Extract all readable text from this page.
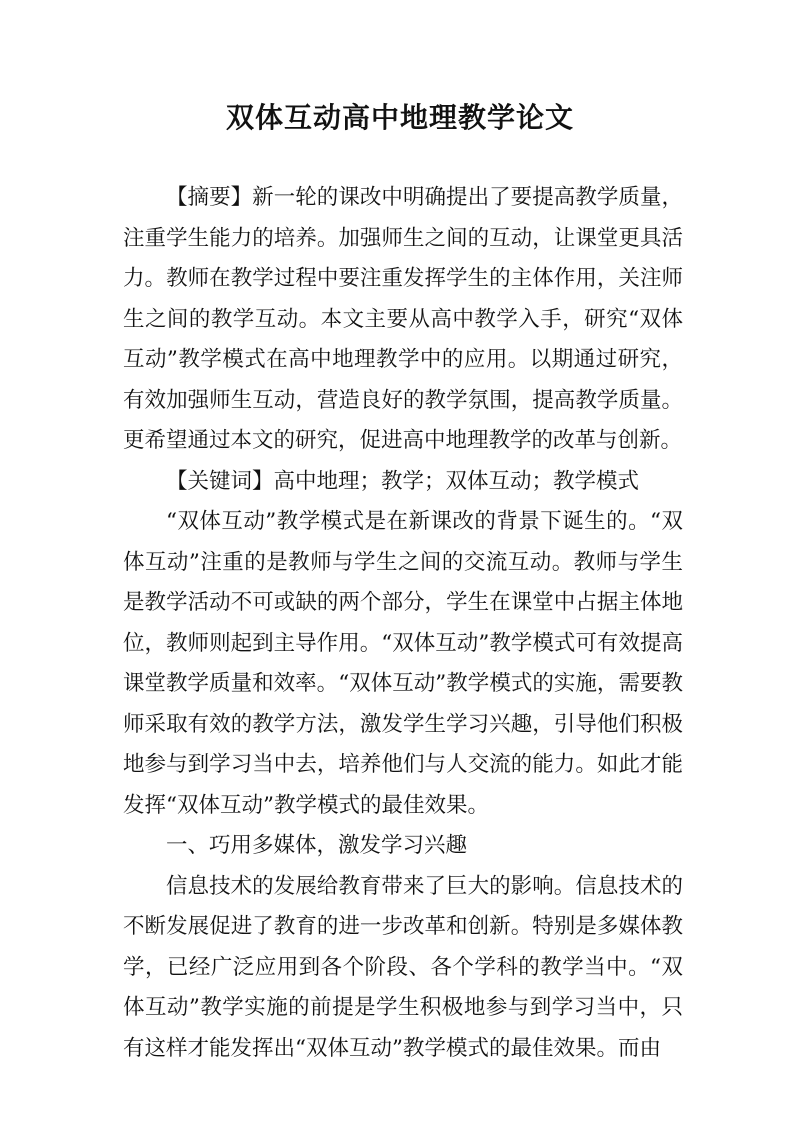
双体互动高中地理教学论文

【摘要】新一轮的课改中明确提出了要提高教学质量，注重学生能力的培养。加强师生之间的互动，让课堂更具活力。教师在教学过程中要注重发挥学生的主体作用，关注师生之间的教学互动。本文主要从高中教学入手，研究“双体互动”教学模式在高中地理教学中的应用。以期通过研究，有效加强师生互动，营造良好的教学氛围，提高教学质量。更希望通过本文的研究，促进高中地理教学的改革与创新。

【关键词】高中地理；教学；双体互动；教学模式

“双体互动”教学模式是在新课改的背景下诞生的。“双体互动”注重的是教师与学生之间的交流互动。教师与学生是教学活动不可或缺的两个部分，学生在课堂中占据主体地位，教师则起到主导作用。“双体互动”教学模式可有效提高课堂教学质量和效率。“双体互动”教学模式的实施，需要教师采取有效的教学方法，激发学生学习兴趣，引导他们积极地参与到学习当中去，培养他们与人交流的能力。如此才能发挥“双体互动”教学模式的最佳效果。

一、巧用多媒体，激发学习兴趣

信息技术的发展给教育带来了巨大的影响。信息技术的不断发展促进了教育的进一步改革和创新。特别是多媒体教学，已经广泛应用到各个阶段、各个学科的教学当中。“双体互动”教学实施的前提是学生积极地参与到学习当中，只有这样才能发挥出“双体互动”教学模式的最佳效果。而由
